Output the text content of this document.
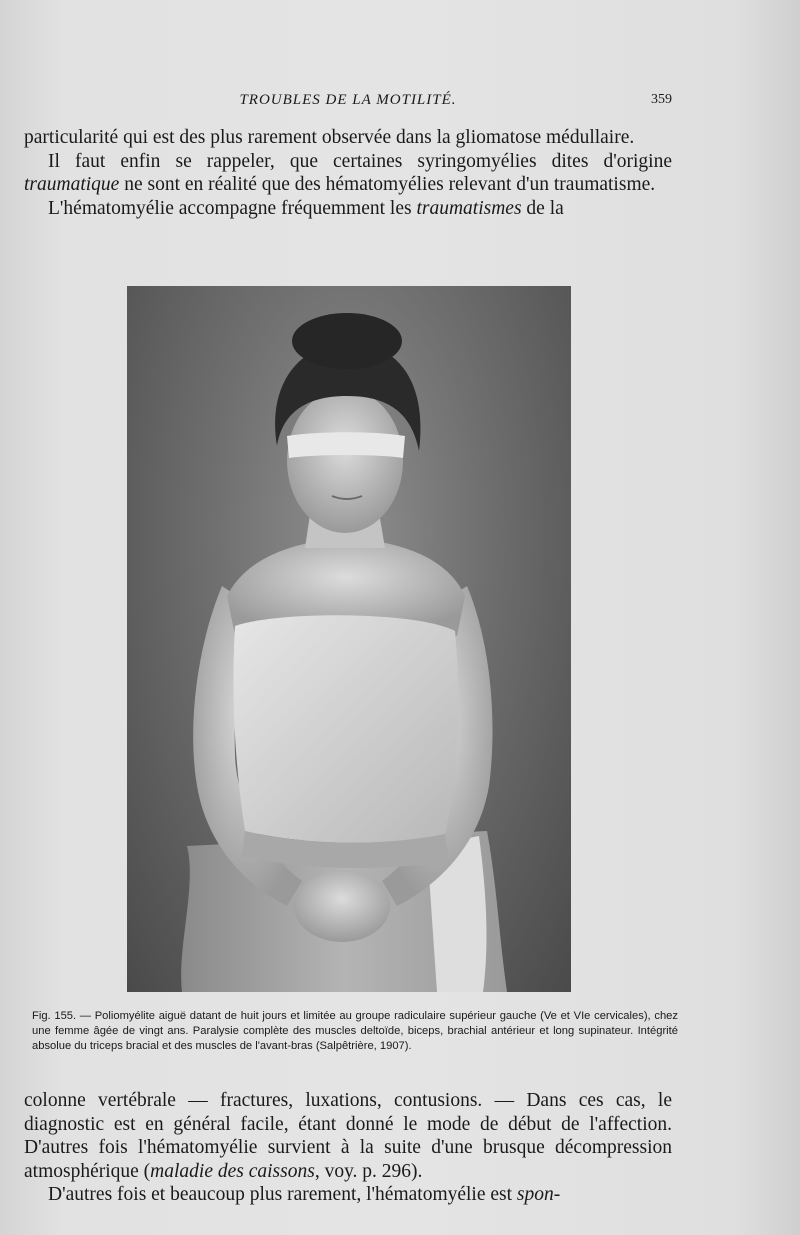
TROUBLES DE LA MOTILITÉ.	359

particularité qui est des plus rarement observée dans la gliomatose médullaire.

Il faut enfin se rappeler, que certaines syringomyélies dites d'origine traumatique ne sont en réalité que des hématomyélies relevant d'un traumatisme.

L'hématomyélie accompagne fréquemment les traumatismes de la

Fig. 155. — Poliomyélite aiguë datant de huit jours et limitée au groupe radiculaire supérieur gauche (Ve et VIe cervicales), chez une femme âgée de vingt ans. Paralysie complète des muscles deltoïde, biceps, brachial antérieur et long supinateur. Intégrité absolue du triceps bracial et des muscles de l'avant-bras (Salpêtrière, 1907).

colonne vertébrale — fractures, luxations, contusions. — Dans ces cas, le diagnostic est en général facile, étant donné le mode de début de l'affection. D'autres fois l'hématomyélie survient à la suite d'une brusque décompression atmosphérique (maladie des caissons, voy. p. 296).

D'autres fois et beaucoup plus rarement, l'hématomyélie est spon-
